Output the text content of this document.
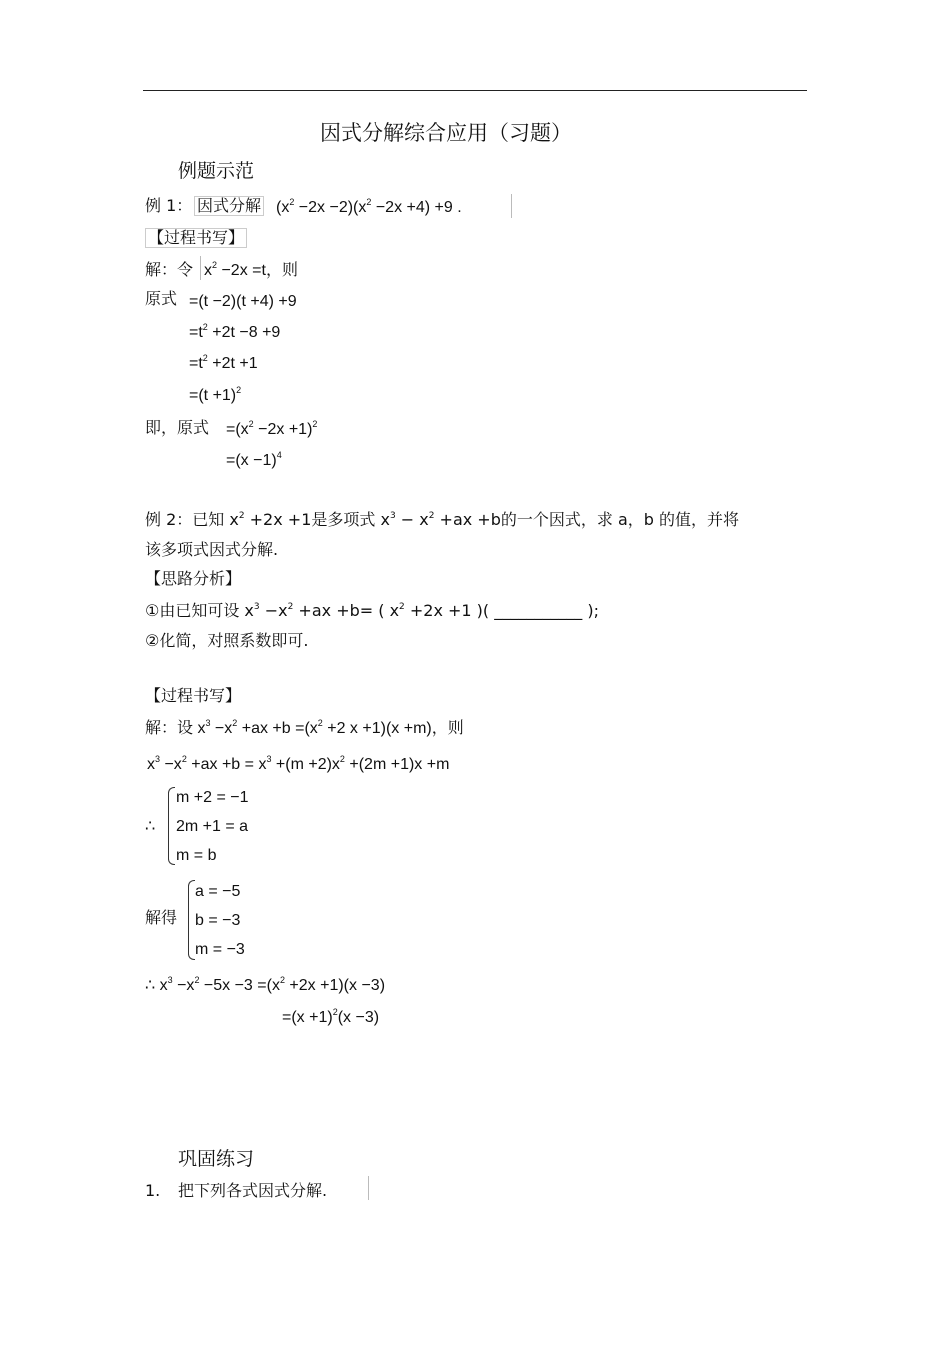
因式分解综合应用（习题）
例题示范
例 1： 因式分解 $(x^2 -2x -2)(x^2 -2x +4) +9$ .
【过程书写】
解：令 $x^2 -2x =t$，则
原式 =(t −2)(t +4) +9
$=t^2 +2t -8 +9$
$=t^2 +2t +1$
$=(t +1)^2$
即，原式 $=(x^2 -2x +1)^2$
$=(x -1)^4$
例 2：已知 $x^2 +2x +1$是多项式 $x^3 - x^2 +ax +b$的一个因式，求 a，b 的值，并将
该多项式因式分解.
【思路分析】
①由已知可设 $x^3 -x^2 +ax +b=$ ( $x^2 +2x +1$ )( ___________ );
②化简，对照系数即可.
【过程书写】
解：设 $x^3 -x^2 +ax +b =(x^2 +2$ x +1)(x +m)，则
$x^3 -x^2 +ax +b = x^3 +(m +2)x^2 +(2m +1)x +m$
∴
m +2 = −1
2m +1 = a
m = b
解得
a = −5
b = −3
m = −3
∴ $x^3 -x^2 -5x -3 =(x^2 +2x +1)(x -3)$
$=(x +1)^2(x -3)$
巩固练习
1. 把下列各式因式分解.
